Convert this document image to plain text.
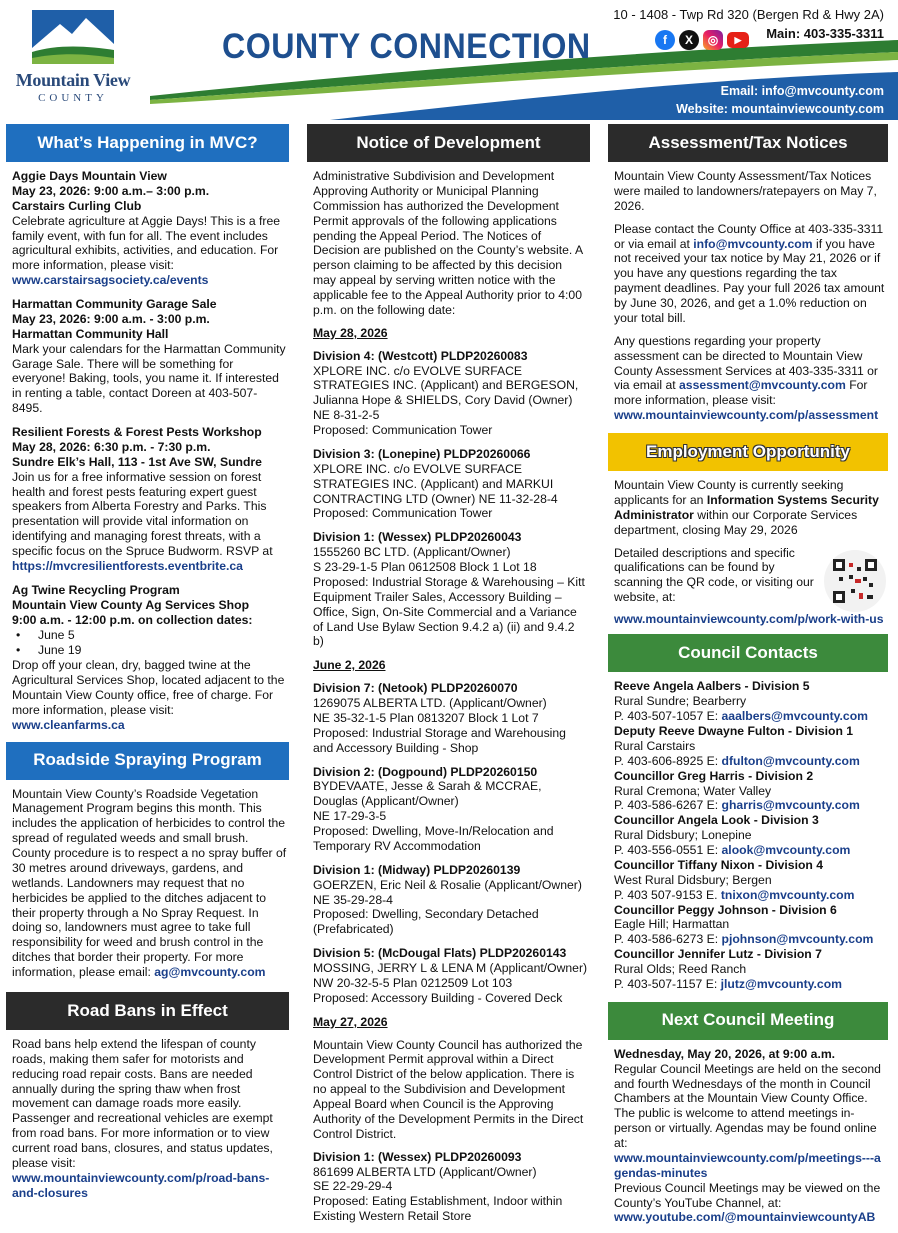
Mountain View
COUNTY
COUNTY CONNECTION
10 - 1408 - Twp Rd 320 (Bergen Rd & Hwy 2A)
f	X	◎	▶	Main: 403-335-3311
Email: info@mvcounty.com
Website: mountainviewcounty.com
What’s Happening in MVC?
Aggie Days Mountain View
May 23, 2026: 9:00 a.m.– 3:00 p.m.
Carstairs Curling Club
Celebrate agriculture at Aggie Days! This is a free family event, with fun for all. The event includes agricultural exhibits, activities, and education. For more information, please visit:
www.carstairsagsociety.ca/events
Harmattan Community Garage Sale
May 23, 2026: 9:00 a.m. - 3:00 p.m.
Harmattan Community Hall
Mark your calendars for the Harmattan Community Garage Sale. There will be something for everyone! Baking, tools, you name it. If interested in renting a table, contact Doreen at 403-507-8495.
Resilient Forests & Forest Pests Workshop
May 28, 2026: 6:30 p.m. - 7:30 p.m.
Sundre Elk’s Hall, 113 - 1st Ave SW, Sundre
Join us for a free informative session on forest health and forest pests featuring expert guest speakers from Alberta Forestry and Parks. This presentation will provide vital information on identifying and managing forest threats, with a specific focus on the Spruce Budworm. RSVP at
https://mvcresilientforests.eventbrite.ca
Ag Twine Recycling Program
Mountain View County Ag Services Shop
9:00 a.m. - 12:00 p.m. on collection dates:
• June 5
• June 19
Drop off your clean, dry, bagged twine at the Agricultural Services Shop, located adjacent to the Mountain View County office, free of charge. For more information, please visit:
www.cleanfarms.ca
Roadside Spraying Program
Mountain View County’s Roadside Vegetation Management Program begins this month. This includes the application of herbicides to control the spread of regulated weeds and small brush. County procedure is to respect a no spray buffer of 30 metres around driveways, gardens, and wetlands. Landowners may request that no herbicides be applied to the ditches adjacent to their property through a No Spray Request. In doing so, landowners must agree to take full responsibility for weed and brush control in the ditches that border their property. For more information, please email: ag@mvcounty.com
Road Bans in Effect
Road bans help extend the lifespan of county roads, making them safer for motorists and reducing road repair costs. Bans are needed annually during the spring thaw when frost movement can damage roads more easily. Passenger and recreational vehicles are exempt from road bans. For more information or to view current road bans, closures, and status updates, please visit:
www.mountainviewcounty.com/p/road-bans-and-closures
Notice of Development

Administrative Subdivision and Development Approving Authority or Municipal Planning Commission has authorized the Development Permit approvals of the following applications pending the Appeal Period. The Notices of Decision are published on the County’s website. A person claiming to be affected by this decision may appeal by serving written notice with the applicable fee to the Appeal Authority prior to 4:00 p.m. on the following date:

May 28, 2026
Division 4: (Westcott) PLDP20260083
XPLORE INC. c/o EVOLVE SURFACE STRATEGIES INC. (Applicant) and BERGESON, Julianna Hope & SHIELDS, Cory David (Owner)
NE 8-31-2-5
Proposed: Communication Tower
Division 3: (Lonepine) PLDP20260066
XPLORE INC. c/o EVOLVE SURFACE STRATEGIES INC. (Applicant) and MARKUI CONTRACTING LTD (Owner) NE 11-32-28-4
Proposed: Communication Tower
Division 1: (Wessex) PLDP20260043
1555260 BC LTD. (Applicant/Owner)
S 23-29-1-5 Plan 0612508 Block 1 Lot 18
Proposed: Industrial Storage & Warehousing – Kitt Equipment Trailer Sales, Accessory Building – Office, Sign, On-Site Commercial and a Variance of Land Use Bylaw Section 9.4.2 a) (ii) and 9.4.2 b)
June 2, 2026
Division 7: (Netook) PLDP20260070
1269075 ALBERTA LTD. (Applicant/Owner)
NE 35-32-1-5 Plan 0813207 Block 1 Lot 7
Proposed: Industrial Storage and Warehousing and Accessory Building - Shop
Division 2: (Dogpound) PLDP20260150
BYDEVAATE, Jesse & Sarah & MCCRAE, Douglas (Applicant/Owner)
NE 17-29-3-5
Proposed: Dwelling, Move-In/Relocation and Temporary RV Accommodation
Division 1: (Midway) PLDP20260139
GOERZEN, Eric Neil & Rosalie (Applicant/Owner)
NE 35-29-28-4
Proposed: Dwelling, Secondary Detached (Prefabricated)
Division 5: (McDougal Flats) PLDP20260143
MOSSING, JERRY L & LENA M (Applicant/Owner)
NW 20-32-5-5 Plan 0212509 Lot 103
Proposed: Accessory Building - Covered Deck
May 27, 2026

Mountain View County Council has authorized the Development Permit approval within a Direct Control District of the below application. There is no appeal to the Subdivision and Development Appeal Board when Council is the Approving Authority of the Development Permits in the Direct Control District.

Division 1: (Wessex) PLDP20260093
861699 ALBERTA LTD (Applicant/Owner)
SE 22-29-29-4
Proposed: Eating Establishment, Indoor within Existing Western Retail Store
Assessment/Tax Notices

Mountain View County Assessment/Tax Notices were mailed to landowners/ratepayers on May 7, 2026.

Please contact the County Office at 403-335-3311 or via email at info@mvcounty.com if you have not received your tax notice by May 21, 2026 or if you have any questions regarding the tax payment deadlines. Pay your full 2026 tax amount by June 30, 2026, and get a 1.0% reduction on your total bill.

Any questions regarding your property assessment can be directed to Mountain View County Assessment Services at 403-335-3311 or via email at assessment@mvcounty.com For more information, please visit:
www.mountainviewcounty.com/p/assessment
Employment Opportunity

Mountain View County is currently seeking applicants for an Information Systems Security Administrator within our Corporate Services department, closing May 29, 2026

Detailed descriptions and specific qualifications can be found by scanning the QR code, or visiting our website, at:
www.mountainviewcounty.com/p/work-with-us
Council Contacts
Reeve Angela Aalbers - Division 5
Rural Sundre; Bearberry
P. 403-507-1057 E: aaalbers@mvcounty.com
Deputy Reeve Dwayne Fulton - Division 1
Rural Carstairs
P. 403-606-8925 E: dfulton@mvcounty.com
Councillor Greg Harris - Division 2
Rural Cremona; Water Valley
P. 403-586-6267 E: gharris@mvcounty.com
Councillor Angela Look - Division 3
Rural Didsbury; Lonepine
P. 403-556-0551 E: alook@mvcounty.com
Councillor Tiffany Nixon - Division 4
West Rural Didsbury; Bergen
P. 403 507-9153 E. tnixon@mvcounty.com
Councillor Peggy Johnson - Division 6
Eagle Hill; Harmattan
P. 403-586-6273 E: pjohnson@mvcounty.com
Councillor Jennifer Lutz - Division 7
Rural Olds; Reed Ranch
P. 403-507-1157 E: jlutz@mvcounty.com
Next Council Meeting
Wednesday, May 20, 2026, at 9:00 a.m.
Regular Council Meetings are held on the second and fourth Wednesdays of the month in Council Chambers at the Mountain View County Office. The public is welcome to attend meetings in-person or virtually. Agendas may be found online at:
www.mountainviewcounty.com/p/meetings---agendas-minutes
Previous Council Meetings may be viewed on the County’s YouTube Channel, at:
www.youtube.com/@mountainviewcountyAB
